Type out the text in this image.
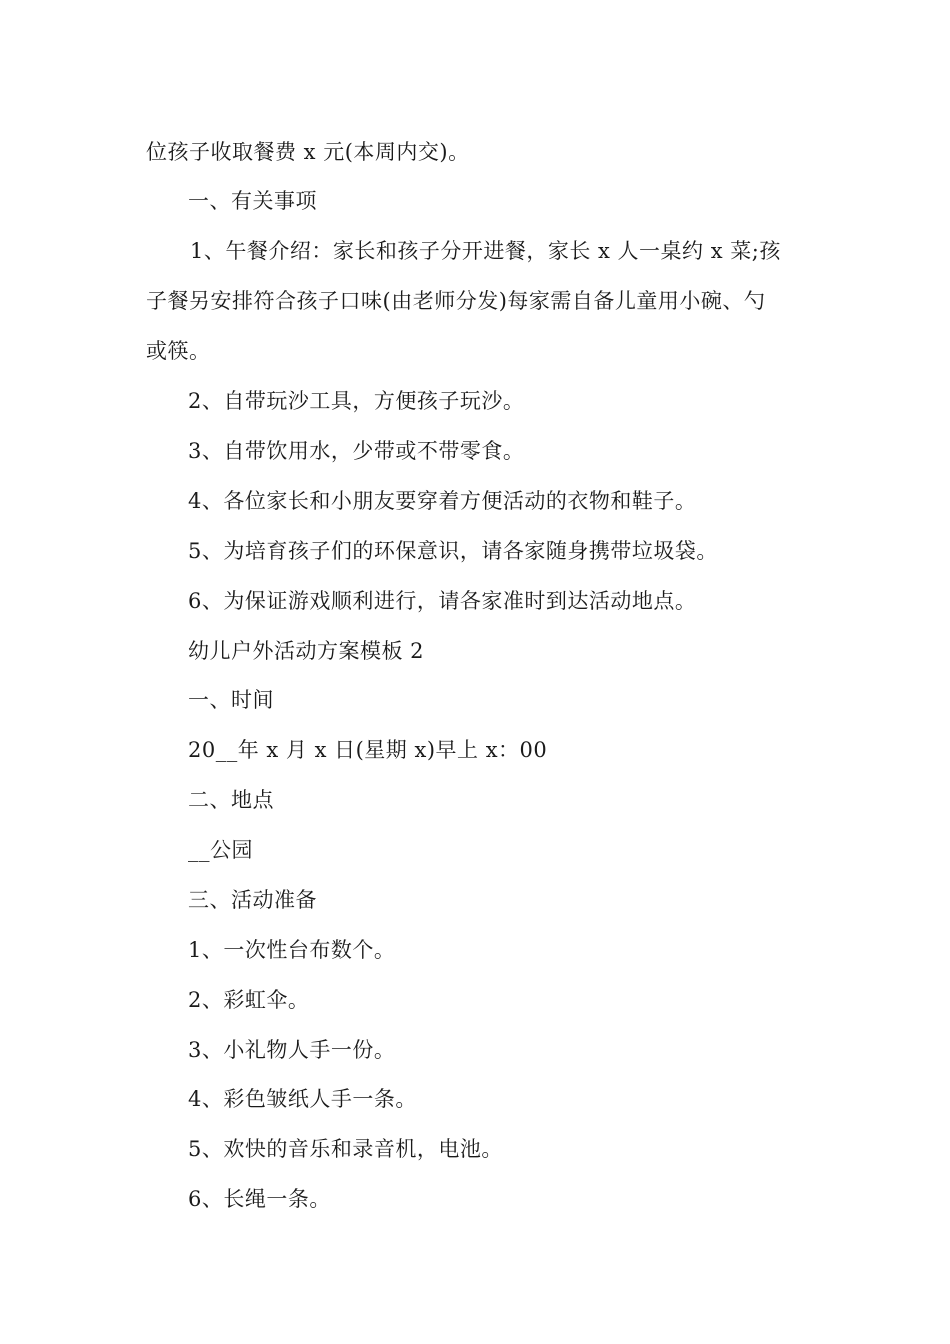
位孩子收取餐费 x 元(本周内交)。
一、有关事项
1、午餐介绍：家长和孩子分开进餐，家长 x 人一桌约 x 菜;孩
子餐另安排符合孩子口味(由老师分发)每家需自备儿童用小碗、勺
或筷。
2、自带玩沙工具，方便孩子玩沙。
3、自带饮用水，少带或不带零食。
4、各位家长和小朋友要穿着方便活动的衣物和鞋子。
5、为培育孩子们的环保意识，请各家随身携带垃圾袋。
6、为保证游戏顺利进行，请各家准时到达活动地点。
幼儿户外活动方案模板 2
一、时间
20__年 x 月 x 日(星期 x)早上 x：00
二、地点
__公园
三、活动准备
1、一次性台布数个。
2、彩虹伞。
3、小礼物人手一份。
4、彩色皱纸人手一条。
5、欢快的音乐和录音机，电池。
6、长绳一条。
